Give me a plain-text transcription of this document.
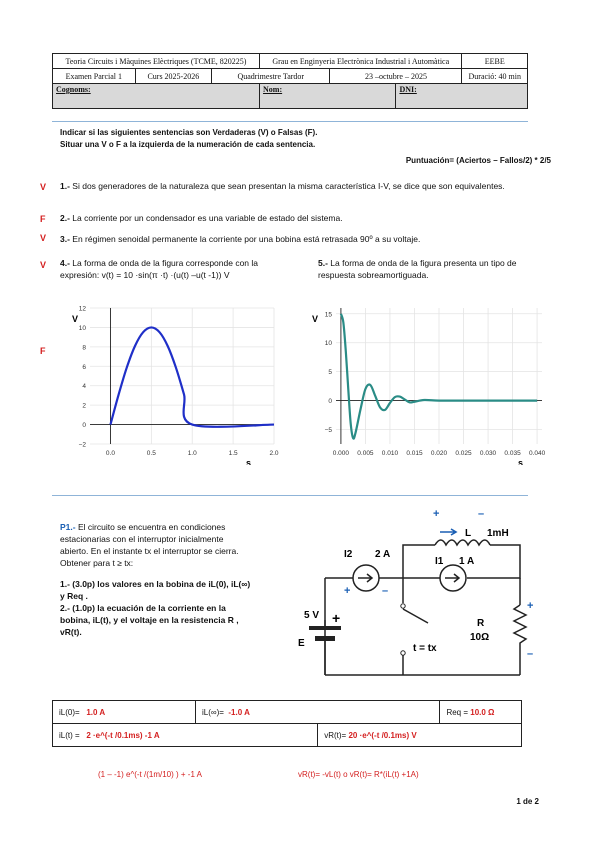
Teoria Circuits i Màquines Elèctriques (TCME, 820225)			Grau en Enginyeria Electrònica Industrial i Automàtica			EEBE
Examen Parcial 1	Curs 2025-2026	Quadrimestre Tardor		23 –octubre – 2025		Duració: 40 min
Cognoms:			Nom:		DNI:	
Indicar si las siguientes sentencias son Verdaderas (V) o Falsas (F).
Situar una V o F a la izquierda de la numeración de cada sentencia.
Puntuación= (Aciertos – Fallos/2) * 2/5
V 1.- Si dos generadores de la naturaleza que sean presentan la misma característica I-V, se dice que son equivalentes.
F 2.- La corriente por un condensador es una variable de estado del sistema.
V 3.- En régimen senoidal permanente la corriente por una bobina está retrasada 90º a su voltaje.
V 4.- La forma de onda de la figura corresponde con la expresión: v(t) = 10 ·sin(π ·t) ·(u(t) –u(t -1)) V
5.- La forma de onda de la figura presenta un tipo de respuesta sobreamortiguada.
F
0.0	0.5	1.0	1.5	2.0
−2
0
2
4
6
8
10
12
V
s
0.000 0.005 0.010 0.015 0.020 0.025 0.030 0.035 0.040
−5
0
5
10
15
V
s
P1.- El circuito se encuentra en condiciones
estacionarias con el interruptor inicialmente
abierto. En el instante tx el interruptor se cierra.
Obtener para t ≥ tx:
1.- (3.0p) los valores en la bobina de iL(0), iL(∞)
y Req .
2.- (1.0p) la ecuación de la corriente en la
bobina, iL(t), y el voltaje en la resistencia R ,
vR(t).
L 1mH
I2 2 A
I1 1 A
5 V
E
R
10Ω
t = tx
+
+	–
+	–
+
–
iL(0)= 1.0 A	iL(∞)= -1.0 A		Req = 10.0 Ω
iL(t) = 2 ·e^(-t /0.1ms) -1 A		vR(t)= 20 ·e^(-t /0.1ms) V	
(1 – -1) e^(-t /(1m/10) ) + -1 A	vR(t)= -vL(t) o vR(t)= R*(iL(t) +1A)
1 de 2
